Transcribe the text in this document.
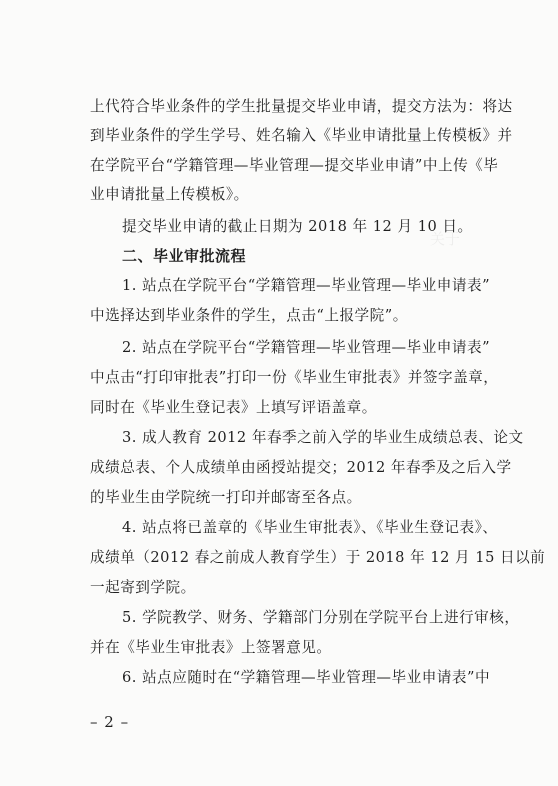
关于
上代符合毕业条件的学生批量提交毕业申请，提交方法为：将达
到毕业条件的学生学号、姓名输入《毕业申请批量上传模板》并
在学院平台“学籍管理—毕业管理—提交毕业申请”中上传《毕
业申请批量上传模板》。
提交毕业申请的截止日期为 2018 年 12 月 10 日。
二、毕业审批流程
1. 站点在学院平台“学籍管理—毕业管理—毕业申请表”
中选择达到毕业条件的学生，点击“上报学院”。
2. 站点在学院平台“学籍管理—毕业管理—毕业申请表”
中点击“打印审批表”打印一份《毕业生审批表》并签字盖章，
同时在《毕业生登记表》上填写评语盖章。
3. 成人教育 2012 年春季之前入学的毕业生成绩总表、论文
成绩总表、个人成绩单由函授站提交；2012 年春季及之后入学
的毕业生由学院统一打印并邮寄至各点。
4. 站点将已盖章的《毕业生审批表》、《毕业生登记表》、
成绩单（2012 春之前成人教育学生）于 2018 年 12 月 15 日以前
一起寄到学院。
5. 学院教学、财务、学籍部门分别在学院平台上进行审核，
并在《毕业生审批表》上签署意见。
6. 站点应随时在“学籍管理—毕业管理—毕业申请表”中
– 2 –
